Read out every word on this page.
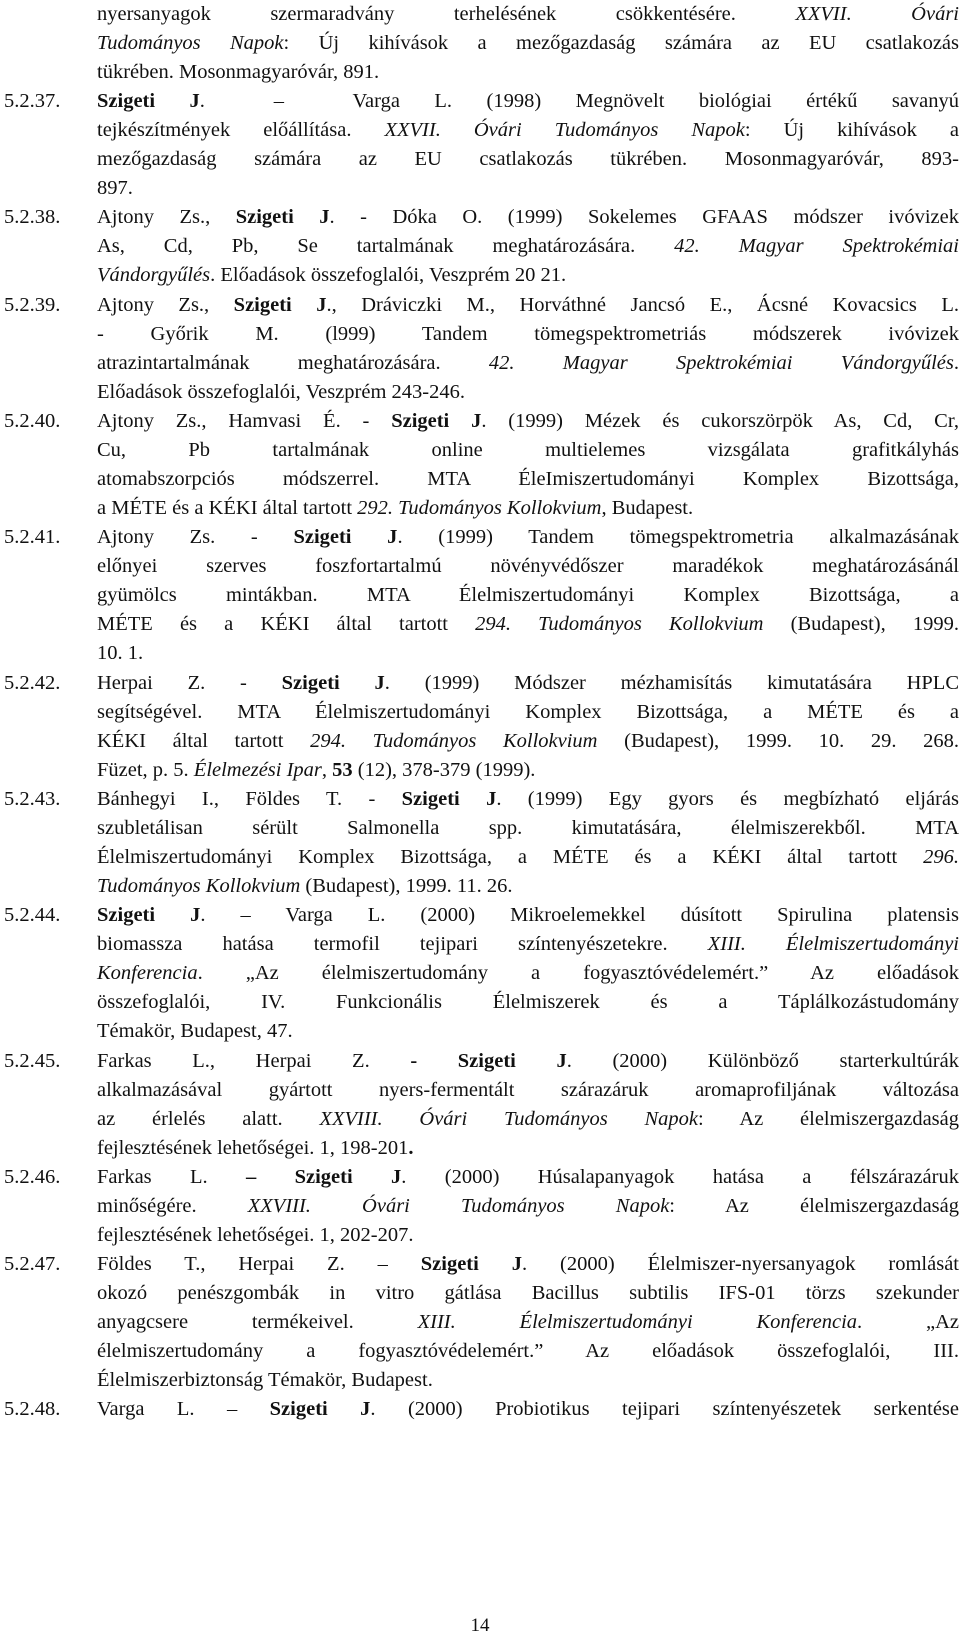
nyersanyagok szermaradvány terhelésének csökkentésére. XXVII. Óvári
Tudományos Napok: Új kihívások a mezőgazdaság számára az EU csatlakozás
tükrében. Mosonmagyaróvár, 891.
5.2.37. Szigeti J.  –  Varga L. (1998) Megnövelt biológiai értékű savanyú
tejkészítmények előállítása. XXVII. Óvári Tudományos Napok: Új kihívások a
mezőgazdaság számára az EU csatlakozás tükrében. Mosonmagyaróvár, 893-
897.
5.2.38. Ajtony Zs., Szigeti J. - Dóka O. (1999) Sokelemes GFAAS módszer ivóvizek
As, Cd, Pb, Se tartalmának meghatározására. 42. Magyar Spektrokémiai
Vándorgyűlés. Előadások összefoglalói, Veszprém 20 21.
5.2.39. Ajtony Zs., Szigeti J., Dráviczki M., Horváthné Jancsó E., Ácsné Kovacsics L.
- Győrik M. (l999) Tandem tömegspektrometriás módszerek ivóvizek
atrazintartalmának meghatározására. 42. Magyar Spektrokémiai Vándorgyűlés.
Előadások összefoglalói, Veszprém 243-246.
5.2.40. Ajtony Zs., Hamvasi É. - Szigeti J. (1999) Mézek és cukorszörpök As, Cd, Cr,
Cu, Pb tartalmának online multielemes vizsgálata grafitkályhás
atomabszorpciós módszerrel. MTA ÉleImiszertudományi Komplex Bizottsága,
a MÉTE és a KÉKI által tartott 292. Tudományos Kollokvium, Budapest.
5.2.41. Ajtony Zs. - Szigeti J. (1999) Tandem tömegspektrometria alkalmazásának
előnyei szerves foszfortartalmú növényvédőszer maradékok meghatározásánál
gyümölcs mintákban. MTA Élelmiszertudományi Komplex Bizottsága, a
MÉTE és a KÉKI által tartott 294. Tudományos Kollokvium (Budapest), 1999.
10. 1.
5.2.42. Herpai Z. - Szigeti J. (1999) Módszer mézhamisítás kimutatására HPLC
segítségével. MTA Élelmiszertudományi Komplex Bizottsága, a MÉTE és a
KÉKI által tartott 294. Tudományos Kollokvium (Budapest), 1999. 10. 29. 268.
Füzet, p. 5. Élelmezési Ipar, 53 (12), 378-379 (1999).
5.2.43. Bánhegyi I., Földes T. - Szigeti J. (1999) Egy gyors és megbízható eljárás
szubletálisan sérült Salmonella spp. kimutatására, élelmiszerekből. MTA
Élelmiszertudományi Komplex Bizottsága, a MÉTE és a KÉKI által tartott 296.
Tudományos Kollokvium (Budapest), 1999. 11. 26.
5.2.44. Szigeti J. – Varga L. (2000) Mikroelemekkel dúsított Spirulina platensis
biomassza hatása termofil tejipari színtenyészetekre. XIII. Élelmiszertudományi
Konferencia. „Az élelmiszertudomány a fogyasztóvédelemért.” Az előadások
összefoglalói, IV. Funkcionális Élelmiszerek és a Táplálkozástudomány
Témakör, Budapest, 47.
5.2.45. Farkas L., Herpai Z. - Szigeti J. (2000) Különböző starterkultúrák
alkalmazásával gyártott nyers-fermentált szárazáruk aromaprofiljának változása
az érlelés alatt. XXVIII. Óvári Tudományos Napok: Az élelmiszergazdaság
fejlesztésének lehetőségei. 1, 198-201.
5.2.46. Farkas L. – Szigeti J. (2000) Húsalapanyagok hatása a félszárazáruk
minőségére. XXVIII. Óvári Tudományos Napok: Az élelmiszergazdaság
fejlesztésének lehetőségei. 1, 202-207.
5.2.47. Földes T., Herpai Z. – Szigeti J. (2000) Élelmiszer-nyersanyagok romlását
okozó penészgombák in vitro gátlása Bacillus subtilis IFS-01 törzs szekunder
anyagcsere termékeivel. XIII. Élelmiszertudományi Konferencia. „Az
élelmiszertudomány a fogyasztóvédelemért.” Az előadások összefoglalói, III.
Élelmiszerbiztonság Témakör, Budapest.
5.2.48. Varga L. – Szigeti J. (2000) Probiotikus tejipari színtenyészetek serkentése
14
